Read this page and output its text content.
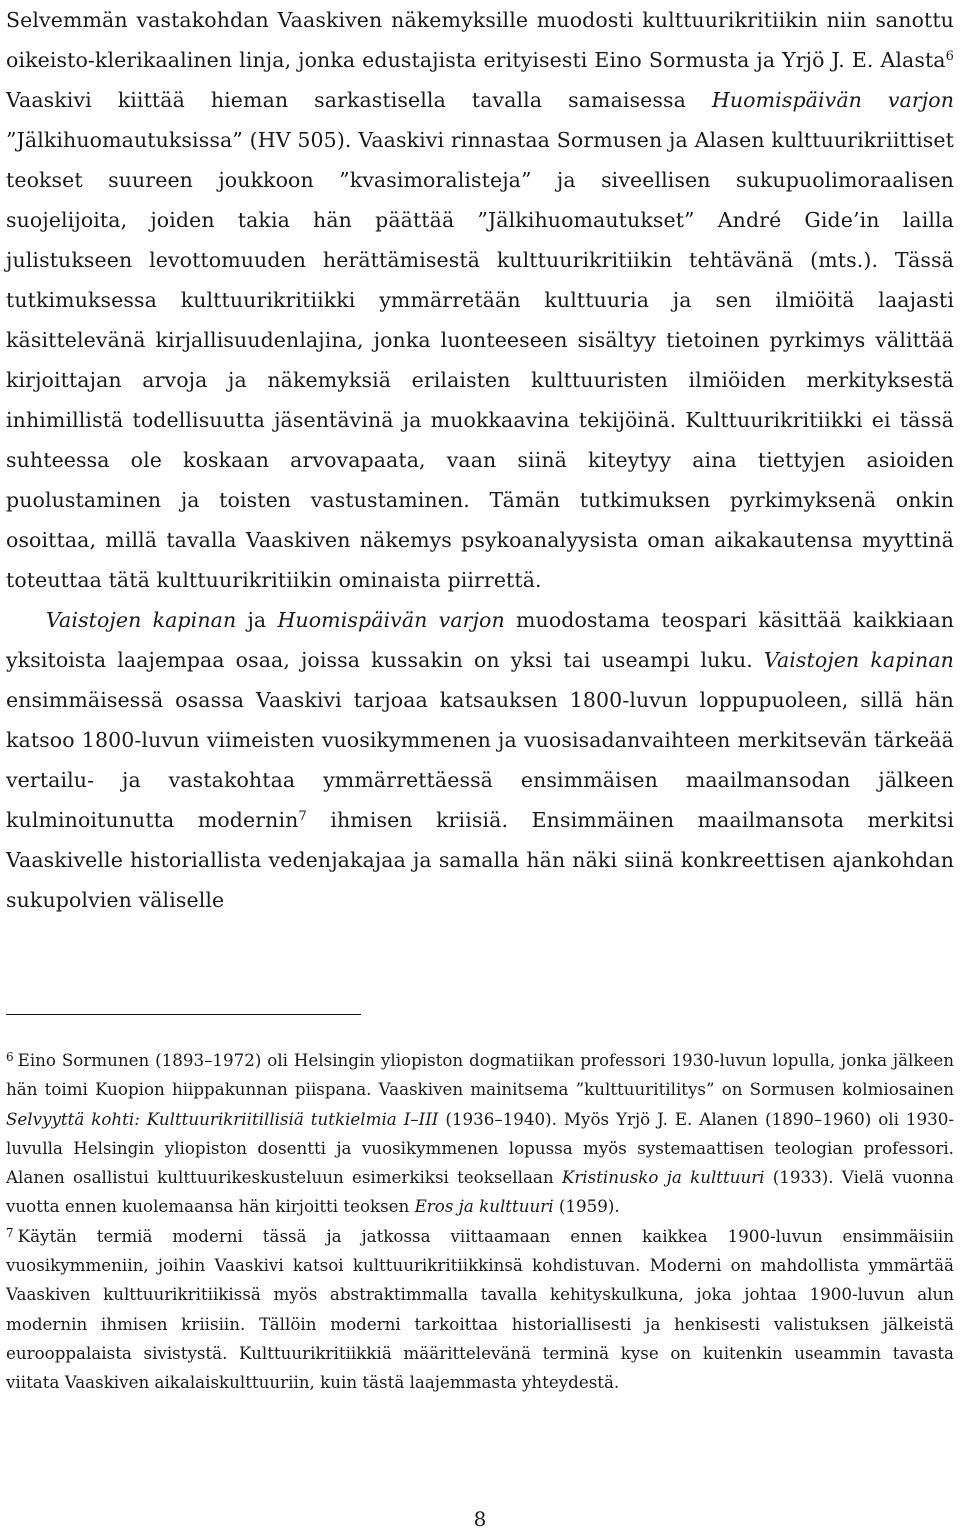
Selvemmän vastakohdan Vaaskiven näkemyksille muodosti kulttuurikritiikin niin sanottu oikeisto-klerikaalinen linja, jonka edustajista erityisesti Eino Sormusta ja Yrjö J. E. Alasta$^6$ Vaaskivi kiittää hieman sarkastisella tavalla samaisessa Huomispäivän varjon ”Jälkihuomautuksissa” (HV 505). Vaaskivi rinnastaa Sormusen ja Alasen kulttuurikriittiset teokset suureen joukkoon ”kvasimoralisteja” ja siveellisen sukupuolimoraalisen suojelijoita, joiden takia hän päättää ”Jälkihuomautukset” André Gide’in lailla julistukseen levottomuuden herättämisestä kulttuurikritiikin tehtävänä (mts.). Tässä tutkimuksessa kulttuurikritiikki ymmärretään kulttuuria ja sen ilmiöitä laajasti käsittelevänä kirjallisuudenlajina, jonka luonteeseen sisältyy tietoinen pyrkimys välittää kirjoittajan arvoja ja näkemyksiä erilaisten kulttuuristen ilmiöiden merkityksestä inhimillistä todellisuutta jäsentävinä ja muokkaavina tekijöinä. Kulttuurikritiikki ei tässä suhteessa ole koskaan arvovapaata, vaan siinä kiteytyy aina tiettyjen asioiden puolustaminen ja toisten vastustaminen. Tämän tutkimuksen pyrkimyksenä onkin osoittaa, millä tavalla Vaaskiven näkemys psykoanalyysista oman aikakautensa myyttinä toteuttaa tätä kulttuurikritiikin ominaista piirrettä.

Vaistojen kapinan ja Huomispäivän varjon muodostama teospari käsittää kaikkiaan yksitoista laajempaa osaa, joissa kussakin on yksi tai useampi luku. Vaistojen kapinan ensimmäisessä osassa Vaaskivi tarjoaa katsauksen 1800-luvun loppupuoleen, sillä hän katsoo 1800-luvun viimeisten vuosikymmenen ja vuosisadanvaihteen merkitsevän tärkeää vertailu- ja vastakohtaa ymmärrettäessä ensimmäisen maailmansodan jälkeen kulminoitunutta modernin$^7$ ihmisen kriisiä. Ensimmäinen maailmansota merkitsi Vaaskivelle historiallista vedenjakajaa ja samalla hän näki siinä konkreettisen ajankohdan sukupolvien väliselle

$^6$ Eino Sormunen (1893–1972) oli Helsingin yliopiston dogmatiikan professori 1930-luvun lopulla, jonka jälkeen hän toimi Kuopion hiippakunnan piispana. Vaaskiven mainitsema ”kulttuuritilitys” on Sormusen kolmiosainen Selvyyttä kohti: Kulttuurikriitillisiä tutkielmia I–III (1936–1940). Myös Yrjö J. E. Alanen (1890–1960) oli 1930-luvulla Helsingin yliopiston dosentti ja vuosikymmenen lopussa myös systemaattisen teologian professori. Alanen osallistui kulttuurikeskusteluun esimerkiksi teoksellaan Kristinusko ja kulttuuri (1933). Vielä vuonna vuotta ennen kuolemaansa hän kirjoitti teoksen Eros ja kulttuuri (1959).

$^7$ Käytän termiä moderni tässä ja jatkossa viittaamaan ennen kaikkea 1900-luvun ensimmäisiin vuosikymmeniin, joihin Vaaskivi katsoi kulttuurikritiikkinsä kohdistuvan. Moderni on mahdollista ymmärtää Vaaskiven kulttuurikritiikissä myös abstraktimmalla tavalla kehityskulkuna, joka johtaa 1900-luvun alun modernin ihmisen kriisiin. Tällöin moderni tarkoittaa historiallisesti ja henkisesti valistuksen jälkeistä eurooppalaista sivistystä. Kulttuurikritiikkiä määrittelevänä terminä kyse on kuitenkin useammin tavasta viitata Vaaskiven aikalaiskulttuuriin, kuin tästä laajemmasta yhteydestä.

8
